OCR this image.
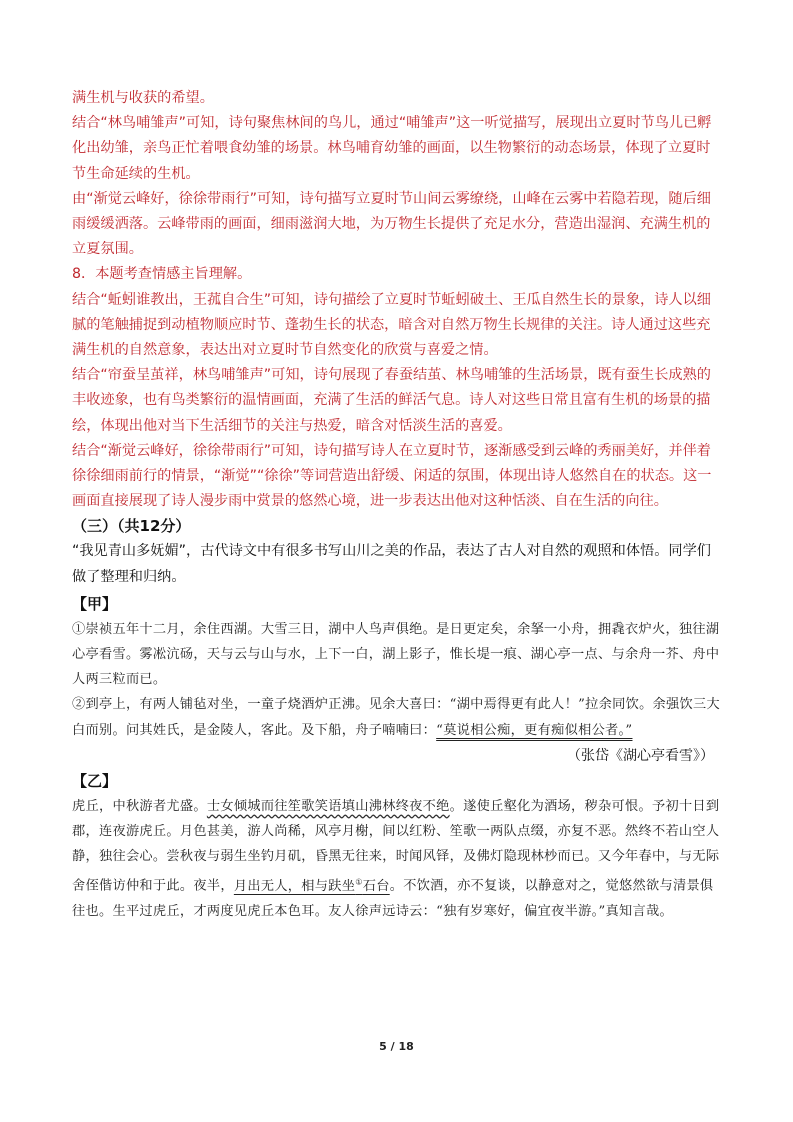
满生机与收获的希望。

结合“林鸟哺雏声”可知，诗句聚焦林间的鸟儿，通过“哺雏声”这一听觉描写，展现出立夏时节鸟儿已孵化出幼雏，亲鸟正忙着喂食幼雏的场景。林鸟哺育幼雏的画面，以生物繁衍的动态场景，体现了立夏时节生命延续的生机。

由“渐觉云峰好，徐徐带雨行”可知，诗句描写立夏时节山间云雾缭绕，山峰在云雾中若隐若现，随后细雨缓缓洒落。云峰带雨的画面，细雨滋润大地，为万物生长提供了充足水分，营造出湿润、充满生机的立夏氛围。

8．本题考查情感主旨理解。

结合“蚯蚓谁教出，王菰自合生”可知，诗句描绘了立夏时节蚯蚓破土、王瓜自然生长的景象，诗人以细腻的笔触捕捉到动植物顺应时节、蓬勃生长的状态，暗含对自然万物生长规律的关注。诗人通过这些充满生机的自然意象，表达出对立夏时节自然变化的欣赏与喜爱之情。

结合“帘蚕呈茧祥，林鸟哺雏声”可知，诗句展现了春蚕结茧、林鸟哺雏的生活场景，既有蚕生长成熟的丰收迹象，也有鸟类繁衍的温情画面，充满了生活的鲜活气息。诗人对这些日常且富有生机的场景的描绘，体现出他对当下生活细节的关注与热爱，暗含对恬淡生活的喜爱。

结合“渐觉云峰好，徐徐带雨行”可知，诗句描写诗人在立夏时节，逐渐感受到云峰的秀丽美好，并伴着徐徐细雨前行的情景，“渐觉”“徐徐”等词营造出舒缓、闲适的氛围，体现出诗人悠然自在的状态。这一画面直接展现了诗人漫步雨中赏景的悠然心境，进一步表达出他对这种恬淡、自在生活的向往。

（三）（共12分）

“我见青山多妩媚”，古代诗文中有很多书写山川之美的作品，表达了古人对自然的观照和体悟。同学们做了整理和归纳。

【甲】

①崇祯五年十二月，余住西湖。大雪三日，湖中人鸟声俱绝。是日更定矣，余拏一小舟，拥毳衣炉火，独往湖心亭看雪。雾凇沆砀，天与云与山与水，上下一白，湖上影子，惟长堤一痕、湖心亭一点、与余舟一芥、舟中人两三粒而已。

②到亭上，有两人铺毡对坐，一童子烧酒炉正沸。见余大喜曰：“湖中焉得更有此人！”拉余同饮。余强饮三大白而别。问其姓氏，是金陵人，客此。及下船，舟子喃喃曰：“莫说相公痴，更有痴似相公者。”

（张岱《湖心亭看雪》）

【乙】

虎丘，中秋游者尤盛。士女倾城而往笙歌笑语填山沸林终夜不绝。遂使丘壑化为酒场，秽杂可恨。予初十日到郡，连夜游虎丘。月色甚美，游人尚稀，风亭月榭，间以红粉、笙歌一两队点缀，亦复不恶。然终不若山空人静，独往会心。尝秋夜与弱生坐钓月矶，昏黑无往来，时闻风铎，及佛灯隐现林杪而已。又今年春中，与无际舍侄偕访仲和于此。夜半，月出无人，相与趺坐①石台。不饮酒，亦不复谈，以静意对之，觉悠然欲与清景俱往也。生平过虎丘，才两度见虎丘本色耳。友人徐声远诗云：“独有岁寒好，偏宜夜半游。”真知言哉。

5 / 18
